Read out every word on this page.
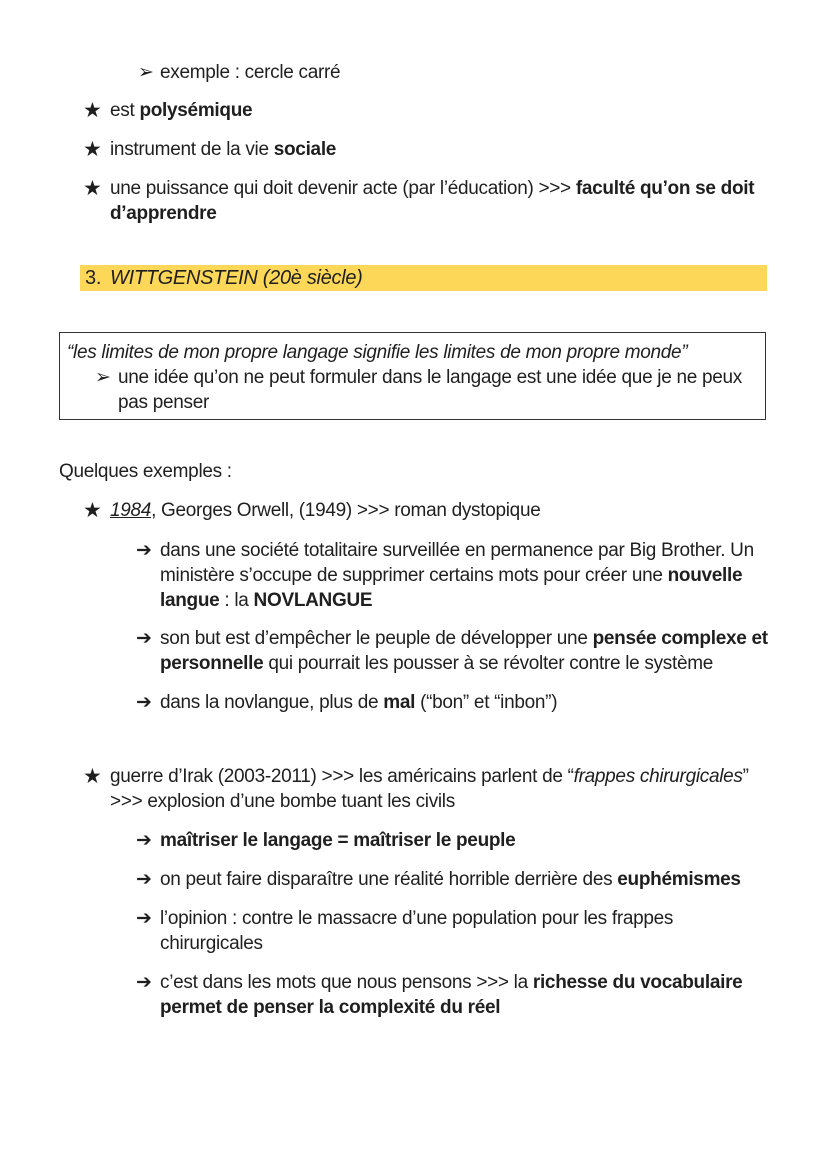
➢ exemple : cercle carré
★ est polysémique
★ instrument de la vie sociale
★ une puissance qui doit devenir acte (par l’éducation) >>> faculté qu’on se doit
d’apprendre
3. WITTGENSTEIN (20è siècle)
“les limites de mon propre langage signifie les limites de mon propre monde”
➢ une idée qu’on ne peut formuler dans le langage est une idée que je ne peux
pas penser
Quelques exemples :
★ 1984, Georges Orwell, (1949) >>> roman dystopique
➔ dans une société totalitaire surveillée en permanence par Big Brother. Un
ministère s’occupe de supprimer certains mots pour créer une nouvelle
langue : la NOVLANGUE
➔ son but est d’empêcher le peuple de développer une pensée complexe et
personnelle qui pourrait les pousser à se révolter contre le système
➔ dans la novlangue, plus de mal (“bon” et “inbon”)
★ guerre d’Irak (2003-2011) >>> les américains parlent de “frappes chirurgicales”
>>> explosion d’une bombe tuant les civils
➔ maîtriser le langage = maîtriser le peuple
➔ on peut faire disparaître une réalité horrible derrière des euphémismes
➔ l’opinion : contre le massacre d’une population pour les frappes
chirurgicales
➔ c’est dans les mots que nous pensons >>> la richesse du vocabulaire
permet de penser la complexité du réel
